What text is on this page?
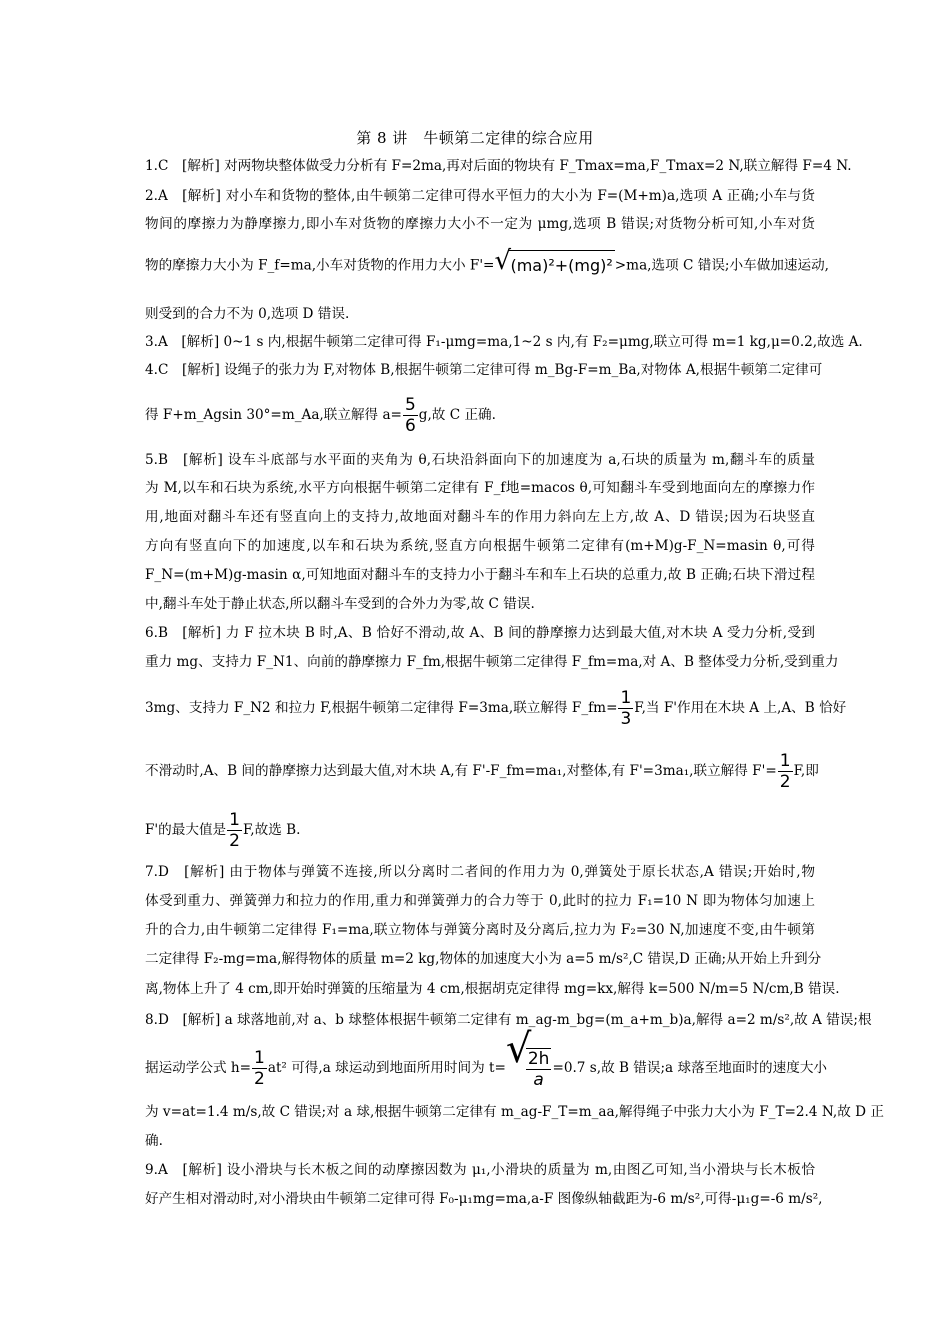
第 8 讲　牛顿第二定律的综合应用
1.C　[解析] 对两物块整体做受力分析有 F=2ma,再对后面的物块有 F_Tmax=ma,F_Tmax=2 N,联立解得 F=4 N.
2.A　[解析] 对小车和货物的整体,由牛顿第二定律可得水平恒力的大小为 F=(M+m)a,选项 A 正确;小车与货
物间的摩擦力为静摩擦力,即小车对货物的摩擦力大小不一定为 μmg,选项 B 错误;对货物分析可知,小车对货
物的摩擦力大小为 F_f=ma,小车对货物的作用力大小 F'= √ (ma)²+(mg)² >ma,选项 C 错误;小车做加速运动,
则受到的合力不为 0,选项 D 错误.
3.A　[解析] 0~1 s 内,根据牛顿第二定律可得 F₁-μmg=ma,1~2 s 内,有 F₂=μmg,联立可得 m=1 kg,μ=0.2,故选 A.
4.C　[解析] 设绳子的张力为 F,对物体 B,根据牛顿第二定律可得 m_Bg-F=m_Ba,对物体 A,根据牛顿第二定律可
得 F+m_Agsin 30°=m_Aa,联立解得 $a= \frac{5}{6} g$,故 C 正确.
5.B　[解析] 设车斗底部与水平面的夹角为 θ,石块沿斜面向下的加速度为 a,石块的质量为 m,翻斗车的质量
为 M,以车和石块为系统,水平方向根据牛顿第二定律有 F_f地=macos θ,可知翻斗车受到地面向左的摩擦力作
用,地面对翻斗车还有竖直向上的支持力,故地面对翻斗车的作用力斜向左上方,故 A、D 错误;因为石块竖直
方向有竖直向下的加速度,以车和石块为系统,竖直方向根据牛顿第二定律有(m+M)g-F_N=masin θ,可得
F_N=(m+M)g-masin α,可知地面对翻斗车的支持力小于翻斗车和车上石块的总重力,故 B 正确;石块下滑过程
中,翻斗车处于静止状态,所以翻斗车受到的合外力为零,故 C 错误.
6.B　[解析] 力 F 拉木块 B 时,A、B 恰好不滑动,故 A、B 间的静摩擦力达到最大值,对木块 A 受力分析,受到
重力 mg、支持力 F_N1、向前的静摩擦力 F_fm,根据牛顿第二定律得 F_fm=ma,对 A、B 整体受力分析,受到重力
3mg、支持力 F_N2 和拉力 F,根据牛顿第二定律得 F=3ma,联立解得 F_fm= $\frac{1}{3} F$,当 F'作用在木块 A 上,A、B 恰好
不滑动时,A、B 间的静摩擦力达到最大值,对木块 A,有 F'-F_fm=ma₁,对整体,有 F'=3ma₁,联立解得 $F'= \frac{1}{2} F$,即
F'的最大值是 $\frac{1}{2} F$,故选 B.
7.D　[解析] 由于物体与弹簧不连接,所以分离时二者间的作用力为 0,弹簧处于原长状态,A 错误;开始时,物
体受到重力、弹簧弹力和拉力的作用,重力和弹簧弹力的合力等于 0,此时的拉力 F₁=10 N 即为物体匀加速上
升的合力,由牛顿第二定律得 F₁=ma,联立物体与弹簧分离时及分离后,拉力为 F₂=30 N,加速度不变,由牛顿第
二定律得 F₂-mg=ma,解得物体的质量 m=2 kg,物体的加速度大小为 a=5 m/s²,C 错误,D 正确;从开始上升到分
离,物体上升了 4 cm,即开始时弹簧的压缩量为 4 cm,根据胡克定律得 mg=kx,解得 k=500 N/m=5 N/cm,B 错误.
8.D　[解析] a 球落地前,对 a、b 球整体根据牛顿第二定律有 m_ag-m_bg=(m_a+m_b)a,解得 a=2 m/s²,故 A 错误;根
据运动学公式 $h= \frac{1}{2} at^2$ 可得,a 球运动到地面所用时间为 t= √
$\frac{2h}{a} =0.7$ s,故 B 错误;a 球落至地面时的速度大小
为 v=at=1.4 m/s,故 C 错误;对 a 球,根据牛顿第二定律有 m_ag-F_T=m_aa,解得绳子中张力大小为 F_T=2.4 N,故 D 正
确.
9.A　[解析] 设小滑块与长木板之间的动摩擦因数为 μ₁,小滑块的质量为 m,由图乙可知,当小滑块与长木板恰
好产生相对滑动时,对小滑块由牛顿第二定律可得 F₀-μ₁mg=ma,a-F 图像纵轴截距为-6 m/s²,可得-μ₁g=-6 m/s²,
